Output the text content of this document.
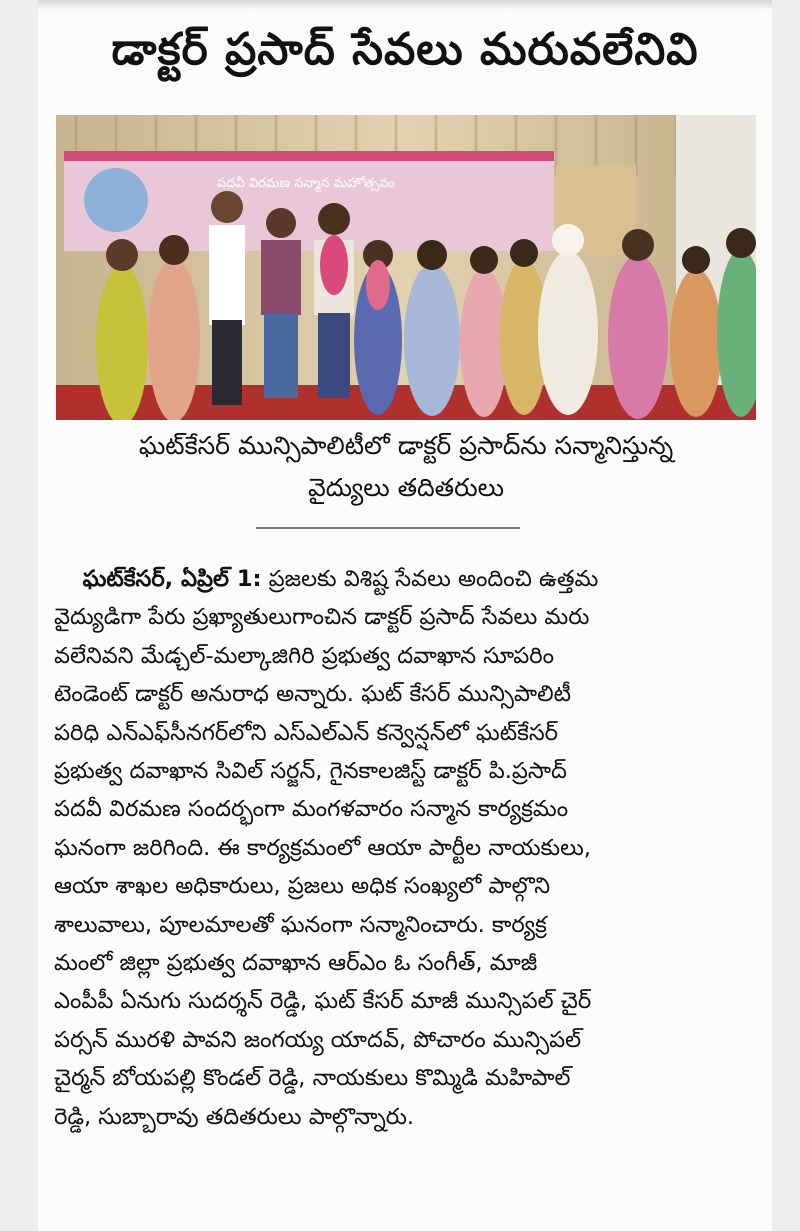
డాక్టర్ ప్రసాద్ సేవలు మరువలేనివి
పదవీ విరమణ సన్మాన మహోత్సవం
ఘట్‌కేసర్ మున్సిపాలిటీలో డాక్టర్ ప్రసాద్‌ను సన్మానిస్తున్న
వైద్యులు తదితరులు
ఘట్‌కేసర్, ఏప్రిల్ 1: ప్రజలకు విశిష్ట సేవలు అందించి ఉత్తమ
వైద్యుడిగా పేరు ప్రఖ్యాతులుగాంచిన డాక్టర్ ప్రసాద్ సేవలు మరు
వలేనివని మేడ్చల్-మల్కాజిగిరి ప్రభుత్వ దవాఖాన సూపరిం
టెండెంట్ డాక్టర్ అనురాధ అన్నారు. ఘట్ కేసర్ మున్సిపాలిటీ
పరిధి ఎన్ఎఫ్‌సీనగర్‌లోని ఎస్ఎల్ఎన్ కన్వెన్షన్‌లో ఘట్‌కేసర్
ప్రభుత్వ దవాఖాన సివిల్ సర్జన్, గైనకాలజిస్ట్ డాక్టర్ పి.ప్రసాద్
పదవీ విరమణ సందర్భంగా మంగళవారం సన్మాన కార్యక్రమం
ఘనంగా జరిగింది. ఈ కార్యక్రమంలో ఆయా పార్టీల నాయకులు,
ఆయా శాఖల అధికారులు, ప్రజలు అధిక సంఖ్యలో పాల్గొని
శాలువాలు, పూలమాలతో ఘనంగా సన్మానించారు. కార్యక్ర
మంలో జిల్లా ప్రభుత్వ దవాఖాన ఆర్ఎం ఓ సంగీత్, మాజీ
ఎంపీపీ ఏనుగు సుదర్శన్ రెడ్డి, ఘట్ కేసర్ మాజీ మున్సిపల్ చైర్
పర్సన్ మురళి పావని జంగయ్య యాదవ్, పోచారం మున్సిపల్
చైర్మన్ బోయపల్లి కొండల్ రెడ్డి, నాయకులు కొమ్మిడి మహిపాల్
రెడ్డి, సుబ్బారావు తదితరులు పాల్గొన్నారు.
